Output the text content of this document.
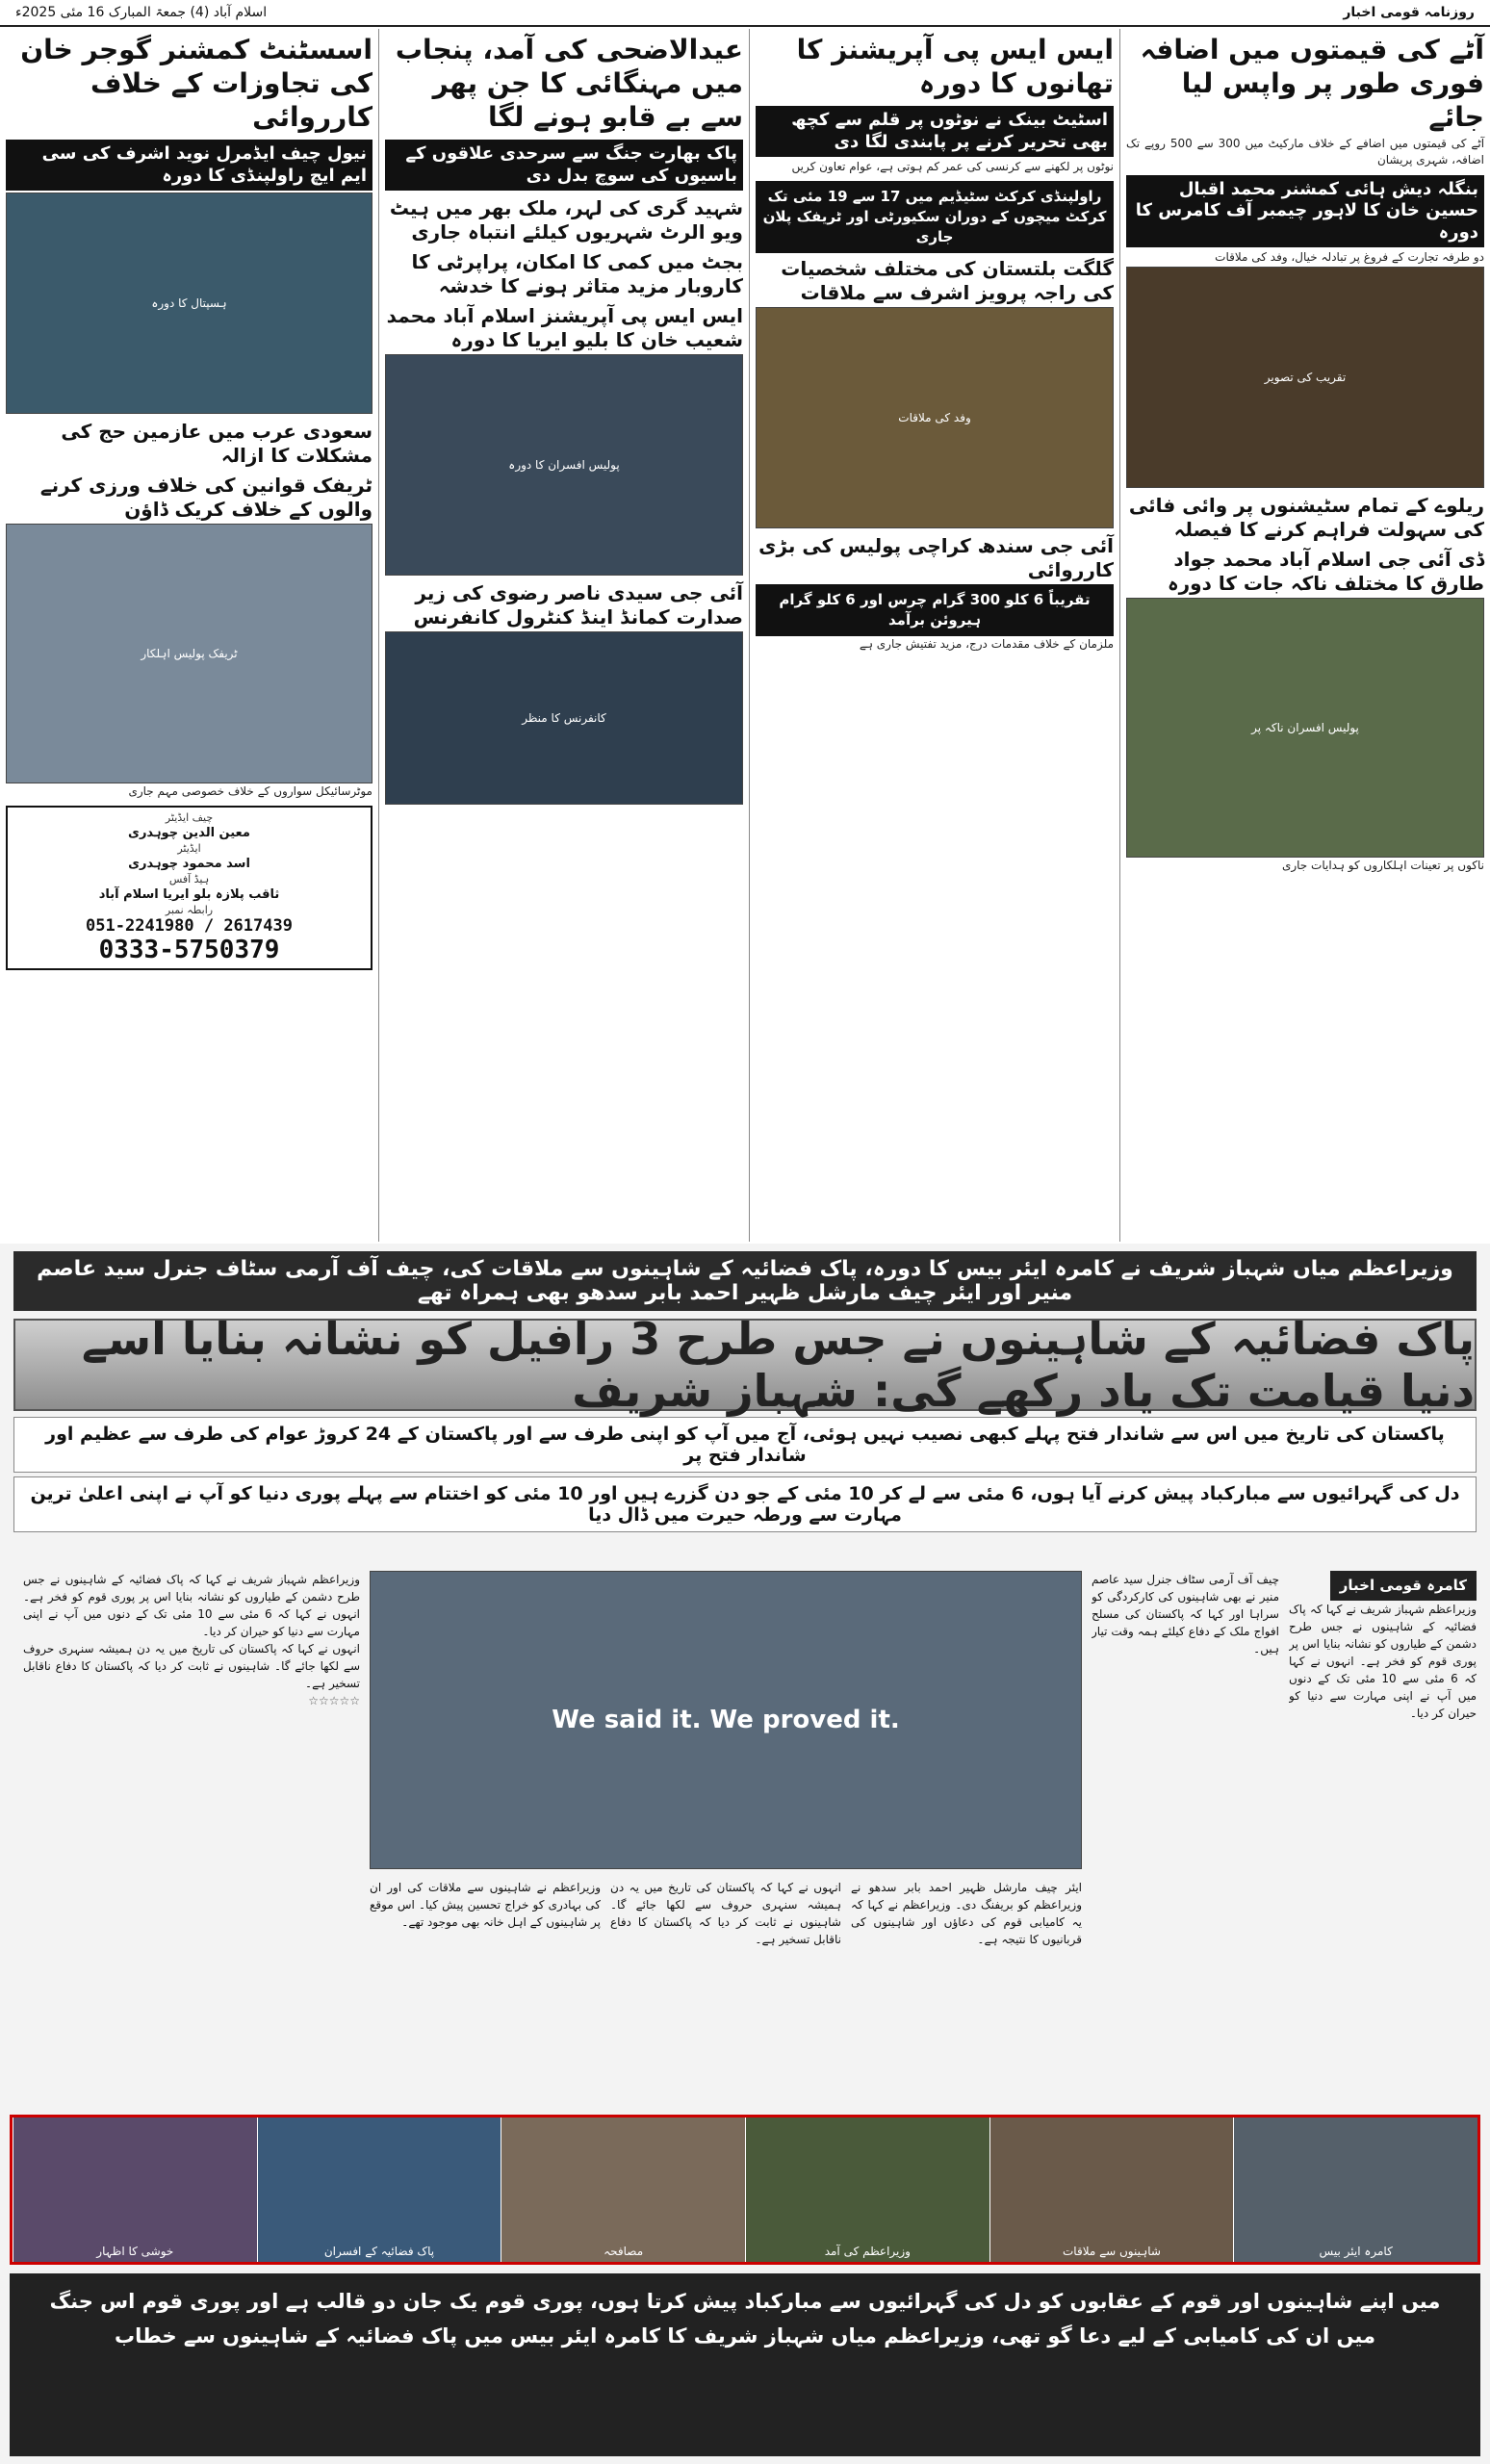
روزنامہ قومی اخبار
اسلام آباد (4) جمعۃ المبارک 16 مئی 2025ء
آٹے کی قیمتوں میں اضافہ فوری طور پر واپس لیا جائے
آٹے کی قیمتوں میں اضافے کے خلاف مارکیٹ میں 300 سے 500 روپے تک اضافہ، شہری پریشان
بنگلہ دیش ہائی کمشنر محمد اقبال حسین خان کا لاہور چیمبر آف کامرس کا دورہ
دو طرفہ تجارت کے فروغ پر تبادلہ خیال، وفد کی ملاقات
تقریب کی تصویر
ریلوے کے تمام سٹیشنوں پر وائی فائی کی سہولت فراہم کرنے کا فیصلہ
ڈی آئی جی اسلام آباد محمد جواد طارق کا مختلف ناکہ جات کا دورہ
پولیس افسران ناکہ پر
ناکوں پر تعینات اہلکاروں کو ہدایات جاری
ایس ایس پی آپریشنز کا تھانوں کا دورہ
اسٹیٹ بینک نے نوٹوں پر قلم سے کچھ بھی تحریر کرنے پر پابندی لگا دی
نوٹوں پر لکھنے سے کرنسی کی عمر کم ہوتی ہے، عوام تعاون کریں
راولپنڈی کرکٹ سٹیڈیم میں 17 سے 19 مئی تک کرکٹ میچوں کے دوران سکیورٹی اور ٹریفک پلان جاری
گلگت بلتستان کی مختلف شخصیات کی راجہ پرویز اشرف سے ملاقات
وفد کی ملاقات
آئی جی سندھ کراچی پولیس کی بڑی کارروائی
تقریباً 6 کلو 300 گرام چرس اور 6 کلو گرام ہیروئن برآمد
ملزمان کے خلاف مقدمات درج، مزید تفتیش جاری ہے
عیدالاضحی کی آمد، پنجاب میں مہنگائی کا جن پھر سے بے قابو ہونے لگا
پاک بھارت جنگ سے سرحدی علاقوں کے باسیوں کی سوچ بدل دی
شہید گری کی لہر، ملک بھر میں ہیٹ ویو الرٹ شہریوں کیلئے انتباہ جاری
بجٹ میں کمی کا امکان، پراپرٹی کا کاروبار مزید متاثر ہونے کا خدشہ
ایس ایس پی آپریشنز اسلام آباد محمد شعیب خان کا بلیو ایریا کا دورہ
پولیس افسران کا دورہ
آئی جی سیدی ناصر رضوی کی زیر صدارت کمانڈ اینڈ کنٹرول کانفرنس
کانفرنس کا منظر
اسسٹنٹ کمشنر گوجر خان کی تجاوزات کے خلاف کارروائی
نیول چیف ایڈمرل نوید اشرف کی سی ایم ایچ راولپنڈی کا دورہ
ہسپتال کا دورہ
سعودی عرب میں عازمین حج کی مشکلات کا ازالہ
ٹریفک قوانین کی خلاف ورزی کرنے والوں کے خلاف کریک ڈاؤن
ٹریفک پولیس اہلکار
موٹرسائیکل سواروں کے خلاف خصوصی مہم جاری
چیف ایڈیٹر
معین الدین چوہدری
ایڈیٹر
اسد محمود چوہدری
ہیڈ آفس
ثاقب پلازہ بلو ایریا اسلام آباد
رابطہ نمبر
051-2241980 / 2617439
0333-5750379
وزیراعظم میاں شہباز شریف نے کامرہ ایئر بیس کا دورہ، پاک فضائیہ کے شاہینوں سے ملاقات کی، چیف آف آرمی سٹاف جنرل سید عاصم منیر اور ایئر چیف مارشل ظہیر احمد بابر سدھو بھی ہمراہ تھے
پاک فضائیہ کے شاہینوں نے جس طرح 3 رافیل کو نشانہ بنایا اسے دنیا قیامت تک یاد رکھے گی: شہباز شریف
پاکستان کی تاریخ میں اس سے شاندار فتح پہلے کبھی نصیب نہیں ہوئی، آج میں آپ کو اپنی طرف سے اور پاکستان کے 24 کروڑ عوام کی طرف سے عظیم اور شاندار فتح پر
دل کی گہرائیوں سے مبارکباد پیش کرنے آیا ہوں، 6 مئی سے لے کر 10 مئی کے جو دن گزرے ہیں اور 10 مئی کو اختتام سے پہلے پوری دنیا کو آپ نے اپنی اعلیٰ ترین مہارت سے ورطہ حیرت میں ڈال دیا
کامرہ قومی اخبار
وزیراعظم شہباز شریف نے کہا کہ پاک فضائیہ کے شاہینوں نے جس طرح دشمن کے طیاروں کو نشانہ بنایا اس پر پوری قوم کو فخر ہے۔ انہوں نے کہا کہ 6 مئی سے 10 مئی تک کے دنوں میں آپ نے اپنی مہارت سے دنیا کو حیران کر دیا۔
چیف آف آرمی سٹاف جنرل سید عاصم منیر نے بھی شاہینوں کی کارکردگی کو سراہا اور کہا کہ پاکستان کی مسلح افواج ملک کے دفاع کیلئے ہمہ وقت تیار ہیں۔
We said it. We proved it.
ایئر چیف مارشل ظہیر احمد بابر سدھو نے وزیراعظم کو بریفنگ دی۔ وزیراعظم نے کہا کہ یہ کامیابی قوم کی دعاؤں اور شاہینوں کی قربانیوں کا نتیجہ ہے۔
انہوں نے کہا کہ پاکستان کی تاریخ میں یہ دن ہمیشہ سنہری حروف سے لکھا جائے گا۔ شاہینوں نے ثابت کر دیا کہ پاکستان کا دفاع ناقابل تسخیر ہے۔
وزیراعظم نے شاہینوں سے ملاقات کی اور ان کی بہادری کو خراج تحسین پیش کیا۔ اس موقع پر شاہینوں کے اہل خانہ بھی موجود تھے۔
وزیراعظم شہباز شریف نے کہا کہ پاک فضائیہ کے شاہینوں نے جس طرح دشمن کے طیاروں کو نشانہ بنایا اس پر پوری قوم کو فخر ہے۔ انہوں نے کہا کہ 6 مئی سے 10 مئی تک کے دنوں میں آپ نے اپنی مہارت سے دنیا کو حیران کر دیا۔
انہوں نے کہا کہ پاکستان کی تاریخ میں یہ دن ہمیشہ سنہری حروف سے لکھا جائے گا۔ شاہینوں نے ثابت کر دیا کہ پاکستان کا دفاع ناقابل تسخیر ہے۔
☆☆☆☆☆
کامرہ ایئر بیس
شاہینوں سے ملاقات
وزیراعظم کی آمد
مصافحہ
پاک فضائیہ کے افسران
خوشی کا اظہار
میں اپنے شاہینوں اور قوم کے عقابوں کو دل کی گہرائیوں سے مبارکباد پیش کرتا ہوں، پوری قوم یک جان دو قالب ہے اور پوری قوم اس جنگ میں ان کی کامیابی کے لیے دعا گو تھی، وزیراعظم میاں شہباز شریف کا کامرہ ایئر بیس میں پاک فضائیہ کے شاہینوں سے خطاب
